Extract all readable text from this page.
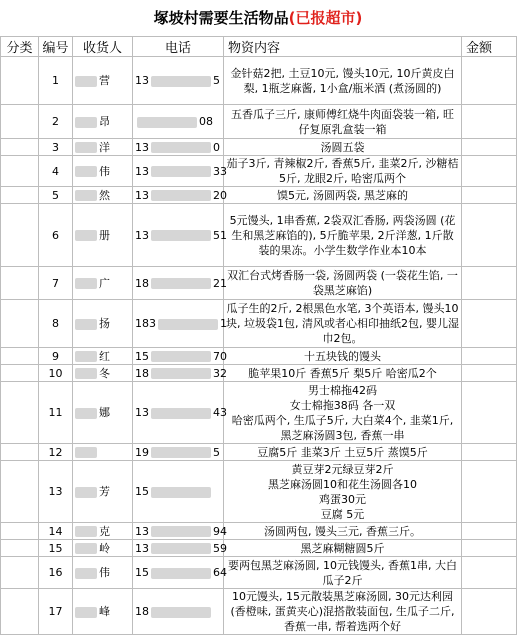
塚坡村需要生活物品(已报超市)
分类	编号	收货人	电话	物资内容	金额
	1	营	13 5	金针菇2把, 土豆10元, 馒头10元, 10斤黄皮白梨, 1瓶芝麻酱, 1小盒/瓶米酒 (煮汤圆的)	
	2	昂	08	五香瓜子三斤, 康师傅红烧牛肉面袋装一箱, 旺仔复原乳盒装一箱	
	3	洋	13 0	汤圆五袋	
	4	伟	13 33	茄子3斤, 青辣椒2斤, 香蕉5斤, 韭菜2斤, 沙糖桔5斤, 龙眼2斤, 哈密瓜两个	
	5	然	13 20	馍5元, 汤圆两袋, 黑芝麻的	
	6	册	13 51	5元馒头, 1串香蕉, 2袋双汇香肠, 两袋汤圆 (花生和黑芝麻馅的), 5斤脆苹果, 2斤洋葱, 1斤散装的果冻。小学生数学作业本10本	
	7	广	18 21	双汇台式烤香肠一袋, 汤圆两袋 (一袋花生馅, 一袋黑芝麻馅)	
	8	扬	183 1	瓜子生的2斤, 2根黑色水笔, 3个英语本, 馒头10块, 垃圾袋1包, 清风或者心相印抽纸2包, 婴儿湿巾2包。	
	9	红	15 70	十五块钱的馒头	
	10	冬	18 32	脆苹果10斤 香蕉5斤 梨5斤 哈密瓜2个	
	11	娜	13 43	男士棉拖42码
女士棉拖38码 各一双
哈密瓜两个, 生瓜子5斤, 大白菜4个, 韭菜1斤, 黑芝麻汤圆3包, 香蕉一串	
	12		19 5	豆腐5斤 韭菜3斤 土豆5斤 蒸馍5斤	
	13	芳	15	黄豆芽2元绿豆芽2斤
黑芝麻汤圆10和花生汤圆各10
鸡蛋30元
豆腐 5元	
	14	克	13 94	汤圆两包, 馒头三元, 香蕉三斤。	
	15	岭	13 59	黑芝麻糊糖圆5斤	
	16	伟	15 64	要两包黑芝麻汤圆, 10元钱馒头, 香蕉1串, 大白瓜子2斤	
	17	峰	18	10元馒头, 15元散装黑芝麻汤圆, 30元达利园 (香橙味, 蛋黄夹心)混搭散装面包, 生瓜子二斤, 香蕉一串, 帮着选两个好	
